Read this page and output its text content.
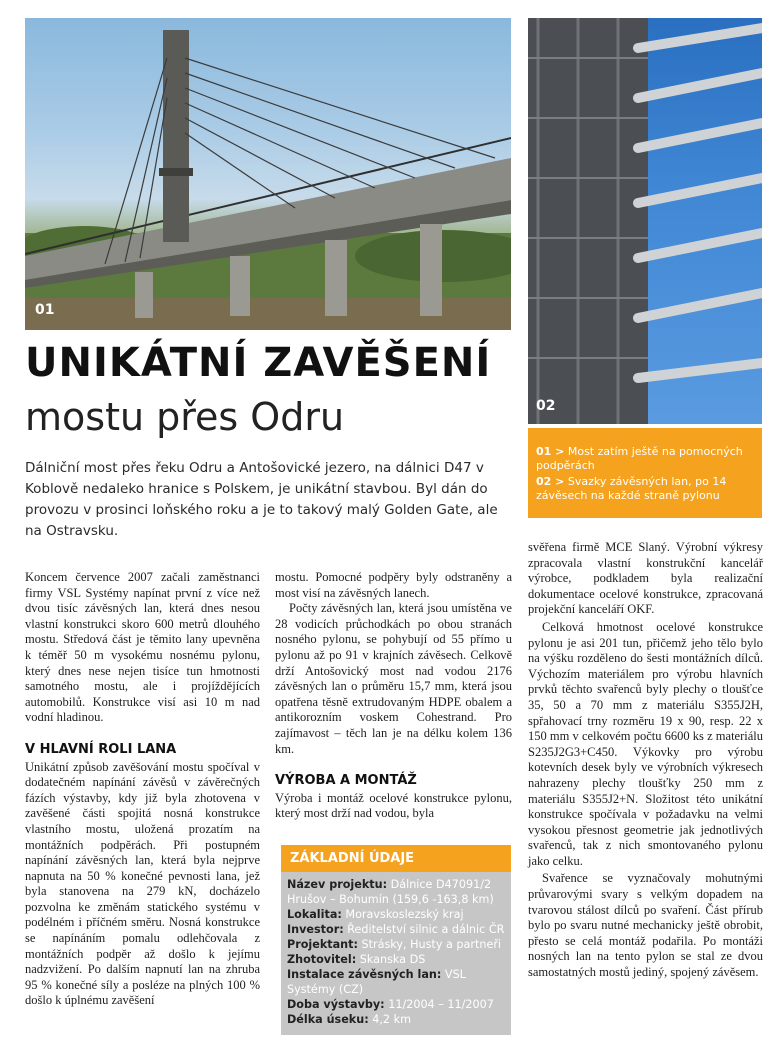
01
02
01 > Most zatím ještě na pomocných podpěrách
02 > Svazky závěsných lan, po 14 závěsech na každé straně pylonu
UNIKÁTNÍ ZAVĚŠENÍ
mostu přes Odru
Dálniční most přes řeku Odru a Antošovické jezero, na dálnici D47 v Koblově nedaleko hranice s Polskem, je unikátní stavbou. Byl dán do provozu v prosinci loňského roku a je to takový malý Golden Gate, ale na Ostravsku.

Koncem července 2007 začali zaměstnanci firmy VSL Systémy napínat první z více než dvou tisíc závěsných lan, která dnes nesou vlastní konstrukci skoro 600 metrů dlouhého mostu. Středová část je těmito lany upevněna k téměř 50 m vysokému nosnému pylonu, který dnes nese nejen tisíce tun hmotnosti samotného mostu, ale i projíždějících automobilů. Konstrukce visí asi 10 m nad vodní hladinou.

V HLAVNÍ ROLI LANA

Unikátní způsob zavěšování mostu spočíval v dodatečném napínání závěsů v závěrečných fázích výstavby, kdy již byla zhotovena v zavěšené části spojitá nosná konstrukce vlastního mostu, uložená prozatím na montážních podpěrách. Při postupném napínání závěsných lan, která byla nejprve napnuta na 50 % konečné pevnosti lana, jež byla stanovena na 279 kN, docházelo pozvolna ke změnám statického systému v podélném i příčném směru. Nosná konstrukce se napínáním pomalu odlehčovala z montážních podpěr až došlo k jejímu nadzvižení. Po dalším napnutí lan na zhruba 95 % konečné síly a posléze na plných 100 % došlo k úplnému zavěšení

mostu. Pomocné podpěry byly odstraněny a most visí na závěsných lanech.

Počty závěsných lan, která jsou umístěna ve 28 vodicích průchodkách po obou stranách nosného pylonu, se pohybují od 55 přímo u pylonu až po 91 v krajních závěsech. Celkově drží Antošovický most nad vodou 2176 závěsných lan o průměru 15,7 mm, která jsou opatřena těsně extrudovaným HDPE obalem a antikorozním voskem Cohestrand. Pro zajímavost – těch lan je na délku kolem 136 km.

VÝROBA A MONTÁŽ

Výroba i montáž ocelové konstrukce pylonu, který most drží nad vodou, byla

svěřena firmě MCE Slaný. Výrobní výkresy zpracovala vlastní konstrukční kancelář výrobce, podkladem byla realizační dokumentace ocelové konstrukce, zpracovaná projekční kanceláří OKF.

Celková hmotnost ocelové konstrukce pylonu je asi 201 tun, přičemž jeho tělo bylo na výšku rozděleno do šesti montážních dílců. Výchozím materiálem pro výrobu hlavních prvků těchto svařenců byly plechy o tloušťce 35, 50 a 70 mm z materiálu S355J2H, spřahovací trny rozměru 19 x 90, resp. 22 x 150 mm v celkovém počtu 6600 ks z materiálu S235J2G3+C450. Výkovky pro výrobu kotevních desek byly ve výrobních výkresech nahrazeny plechy tloušťky 250 mm z materiálu S355J2+N. Složitost této unikátní konstrukce spočívala v požadavku na velmi vysokou přesnost geometrie jak jednotlivých svařenců, tak z nich smontovaného pylonu jako celku.

Svařence se vyznačovaly mohutnými průvarovými svary s velkým dopadem na tvarovou stálost dílců po svaření. Část přírub bylo po svaru nutné mechanicky ještě obrobit, přesto se celá montáž podařila. Po montáži nosných lan na tento pylon se stal ze dvou samostatných mostů jediný, spojený závěsem.

ZÁKLADNÍ ÚDAJE
Název projektu: Dálnice D47091/2 Hrušov – Bohumín (159,6 -163,8 km)
Lokalita: Moravskoslezský kraj
Investor: Ředitelství silnic a dálnic ČR
Projektant: Strásky, Husty a partneři
Zhotovitel: Skanska DS
Instalace závěsných lan: VSL Systémy (CZ)
Doba výstavby: 11/2004 – 11/2007
Délka úseku: 4,2 km
